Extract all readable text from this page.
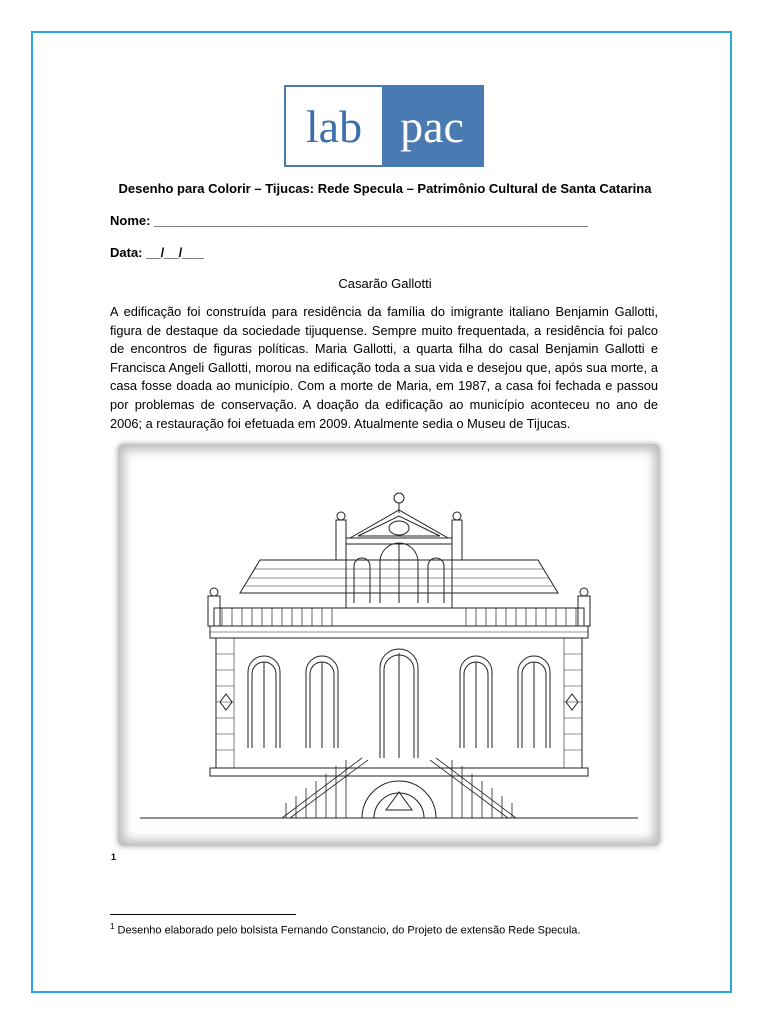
lab pac
Desenho para Colorir – Tijucas: Rede Specula – Patrimônio Cultural de Santa Catarina
Nome: ____________________________________________________________
Data: __/__/___
Casarão Gallotti
A edificação foi construída para residência da família do imigrante italiano Benjamin Gallotti, figura de destaque da sociedade tijuquense. Sempre muito frequentada, a residência foi palco de encontros de figuras políticas. Maria Gallotti, a quarta filha do casal Benjamin Gallotti e Francisca Angeli Gallotti, morou na edificação toda a sua vida e desejou que, após sua morte, a casa fosse doada ao município. Com a morte de Maria, em 1987, a casa foi fechada e passou por problemas de conservação. A doação da edificação ao município aconteceu no ano de 2006; a restauração foi efetuada em 2009. Atualmente sedia o Museu de Tijucas.
1
$^1$ Desenho elaborado pelo bolsista Fernando Constancio, do Projeto de extensão Rede Specula.
